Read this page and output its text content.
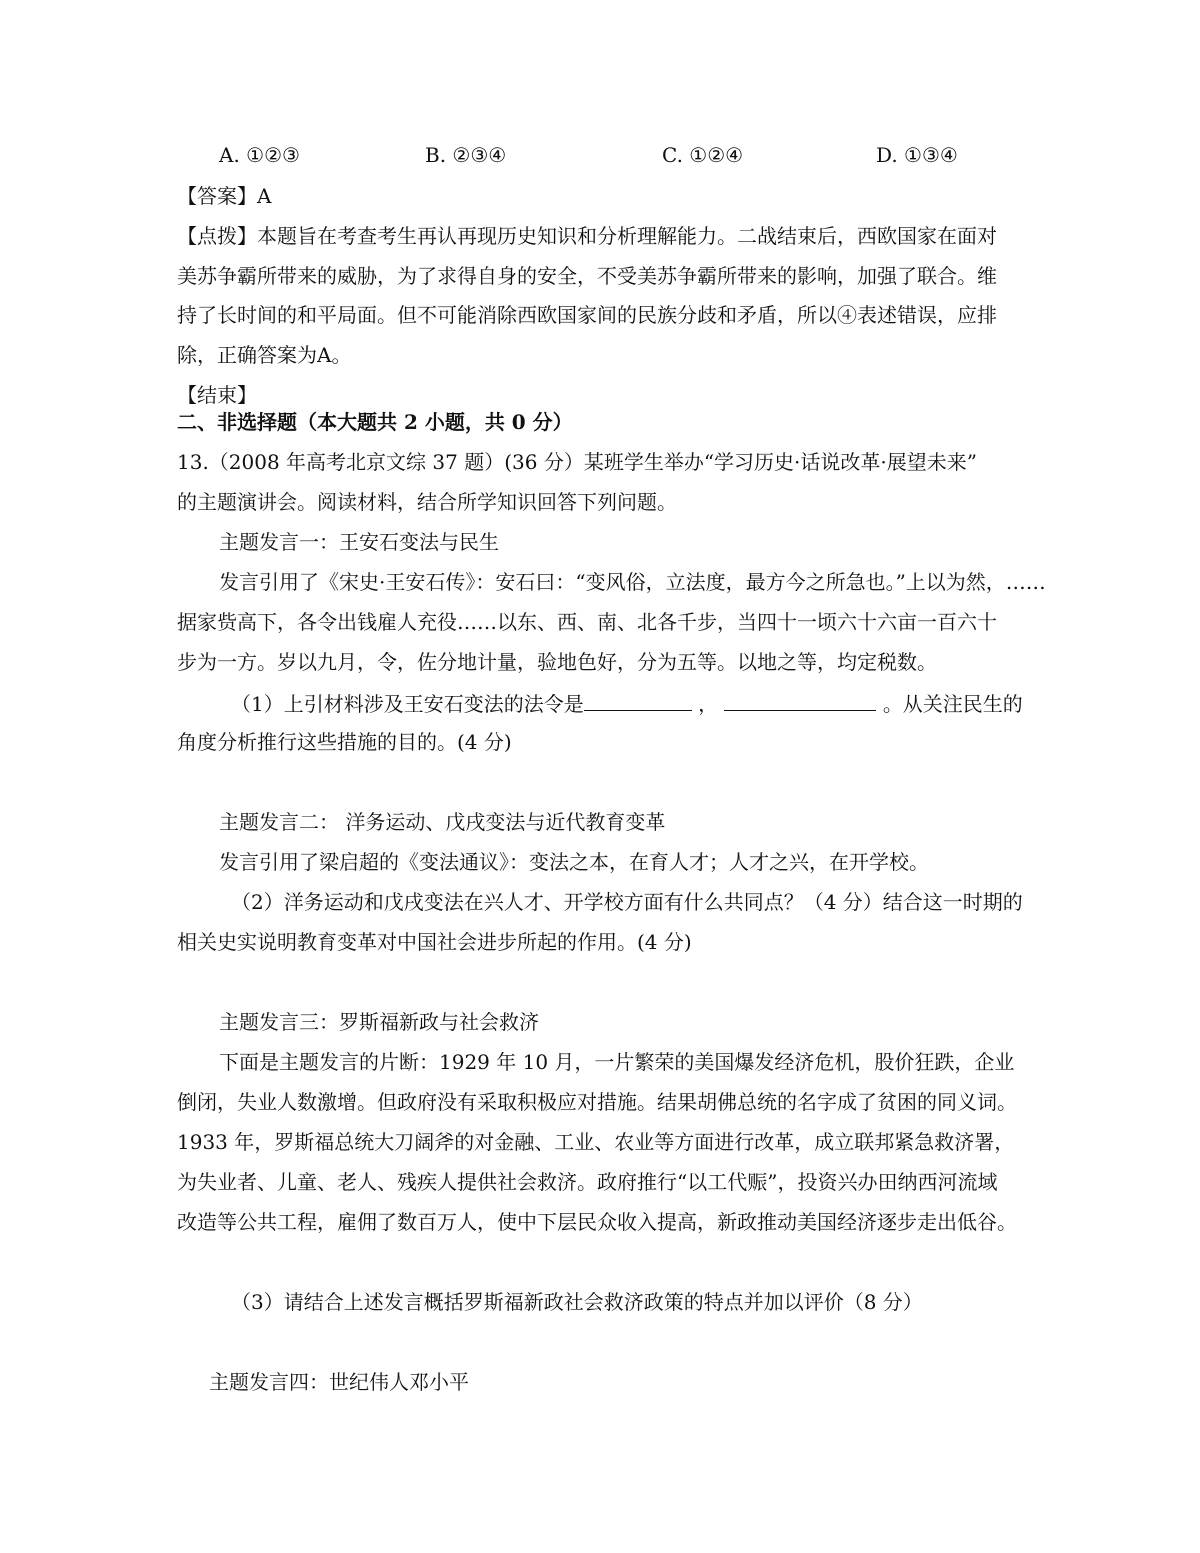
A. ①②③	B. ②③④	C. ①②④	D. ①③④
【答案】A
【点拨】本题旨在考查考生再认再现历史知识和分析理解能力。二战结束后，西欧国家在面对
美苏争霸所带来的威胁，为了求得自身的安全，不受美苏争霸所带来的影响，加强了联合。维
持了长时间的和平局面。但不可能消除西欧国家间的民族分歧和矛盾，所以④表述错误，应排
除，正确答案为A。
【结束】
二、非选择题（本大题共 2 小题，共 0 分）
13.（2008 年高考北京文综 37 题）(36 分）某班学生举办“学习历史·话说改革·展望未来”
的主题演讲会。阅读材料，结合所学知识回答下列问题。
主题发言一：王安石变法与民生
发言引用了《宋史·王安石传》：安石曰：“变风俗，立法度，最方今之所急也。”上以为然，……
据家赀高下，各令出钱雇人充役……以东、西、南、北各千步，当四十一顷六十六亩一百六十
步为一方。岁以九月，令，佐分地计量，验地色好，分为五等。以地之等，均定税数。
（1）上引材料涉及王安石变法的法令是	，	。从关注民生的
角度分析推行这些措施的目的。(4 分)
主题发言二： 洋务运动、戊戌变法与近代教育变革
发言引用了梁启超的《变法通议》：变法之本，在育人才；人才之兴，在开学校。
（2）洋务运动和戊戌变法在兴人才、开学校方面有什么共同点？（4 分）结合这一时期的
相关史实说明教育变革对中国社会进步所起的作用。(4 分)
主题发言三：罗斯福新政与社会救济
下面是主题发言的片断：1929 年 10 月，一片繁荣的美国爆发经济危机，股价狂跌，企业
倒闭，失业人数激增。但政府没有采取积极应对措施。结果胡佛总统的名字成了贫困的同义词。
1933 年，罗斯福总统大刀阔斧的对金融、工业、农业等方面进行改革，成立联邦紧急救济署，
为失业者、儿童、老人、残疾人提供社会救济。政府推行“以工代赈”，投资兴办田纳西河流域
改造等公共工程，雇佣了数百万人，使中下层民众收入提高，新政推动美国经济逐步走出低谷。
（3）请结合上述发言概括罗斯福新政社会救济政策的特点并加以评价（8 分）
主题发言四：世纪伟人邓小平
